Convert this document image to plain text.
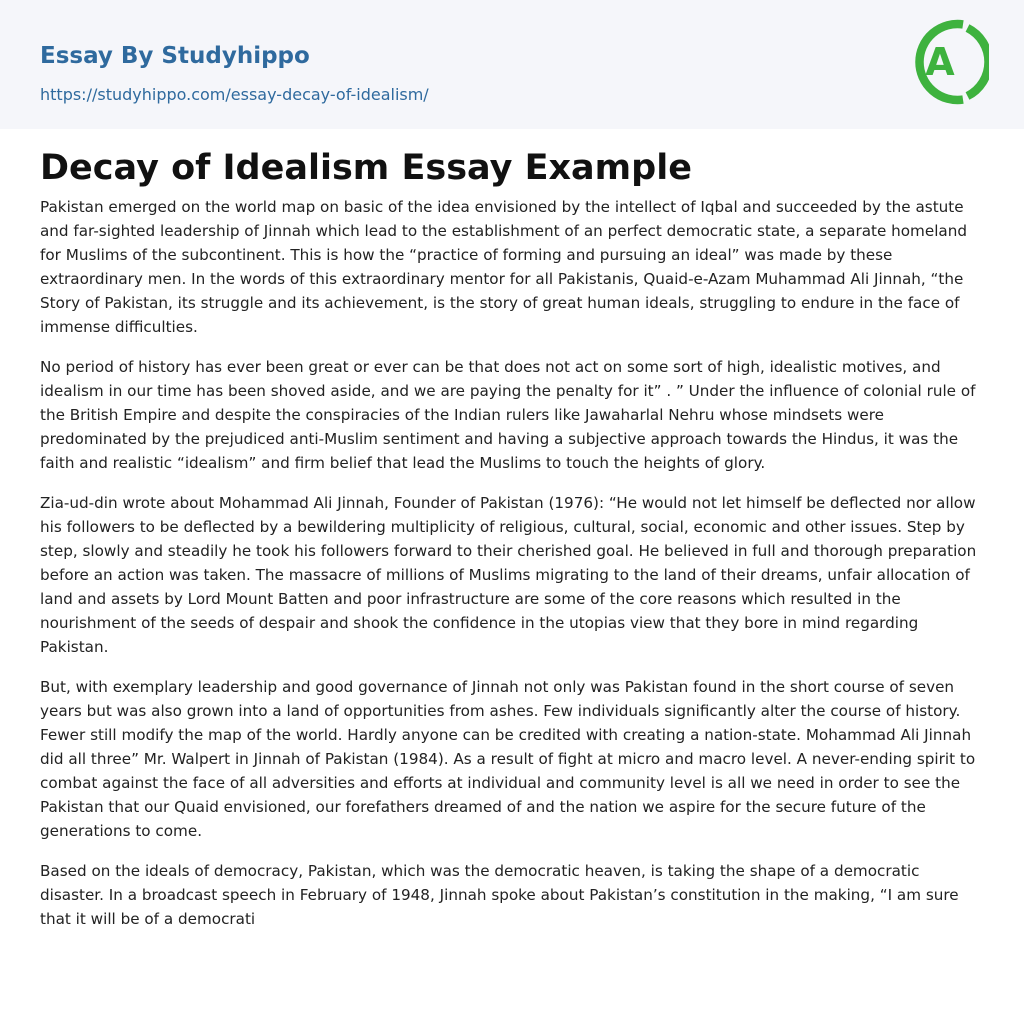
Essay By Studyhippo
https://studyhippo.com/essay-decay-of-idealism/
A
Decay of Idealism Essay Example

Pakistan emerged on the world map on basic of the idea envisioned by the intellect of Iqbal and succeeded by the astute and far-sighted leadership of Jinnah which lead to the establishment of an perfect democratic state, a separate homeland for Muslims of the subcontinent. This is how the “practice of forming and pursuing an ideal” was made by these extraordinary men. In the words of this extraordinary mentor for all Pakistanis, Quaid-e-Azam Muhammad Ali Jinnah, “the Story of Pakistan, its struggle and its achievement, is the story of great human ideals, struggling to endure in the face of immense difficulties.

No period of history has ever been great or ever can be that does not act on some sort of high, idealistic motives, and idealism in our time has been shoved aside, and we are paying the penalty for it” . ” Under the influence of colonial rule of the British Empire and despite the conspiracies of the Indian rulers like Jawaharlal Nehru whose mindsets were predominated by the prejudiced anti-Muslim sentiment and having a subjective approach towards the Hindus, it was the faith and realistic “idealism” and firm belief that lead the Muslims to touch the heights of glory.

Zia-ud-din wrote about Mohammad Ali Jinnah, Founder of Pakistan (1976): “He would not let himself be deflected nor allow his followers to be deflected by a bewildering multiplicity of religious, cultural, social, economic and other issues. Step by step, slowly and steadily he took his followers forward to their cherished goal. He believed in full and thorough preparation before an action was taken. The massacre of millions of Muslims migrating to the land of their dreams, unfair allocation of land and assets by Lord Mount Batten and poor infrastructure are some of the core reasons which resulted in the nourishment of the seeds of despair and shook the confidence in the utopias view that they bore in mind regarding Pakistan.

But, with exemplary leadership and good governance of Jinnah not only was Pakistan found in the short course of seven years but was also grown into a land of opportunities from ashes. Few individuals significantly alter the course of history. Fewer still modify the map of the world. Hardly anyone can be credited with creating a nation-state. Mohammad Ali Jinnah did all three” Mr. Walpert in Jinnah of Pakistan (1984). As a result of fight at micro and macro level. A never-ending spirit to combat against the face of all adversities and efforts at individual and community level is all we need in order to see the Pakistan that our Quaid envisioned, our forefathers dreamed of and the nation we aspire for the secure future of the generations to come.

Based on the ideals of democracy, Pakistan, which was the democratic heaven, is taking the shape of a democratic disaster. In a broadcast speech in February of 1948, Jinnah spoke about Pakistan’s constitution in the making, “I am sure that it will be of a democrati
